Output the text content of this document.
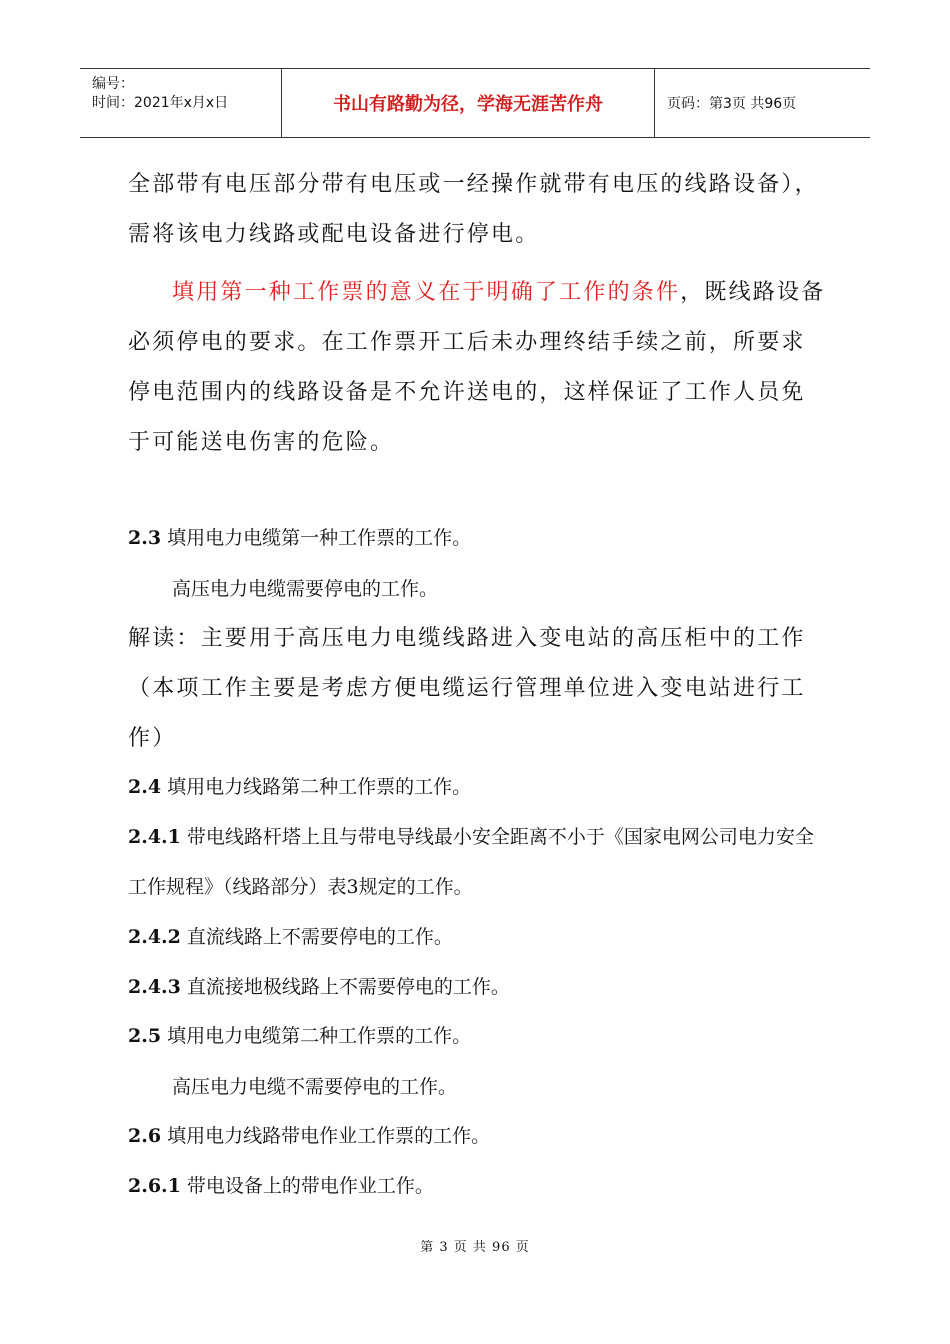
编号：
时间：2021年x月x日	书山有路勤为径，学海无涯苦作舟	页码：第3页 共96页
全部带有电压部分带有电压或一经操作就带有电压的线路设备），需将该电力线路或配电设备进行停电。
填用第一种工作票的意义在于明确了工作的条件，既线路设备必须停电的要求。在工作票开工后未办理终结手续之前，所要求停电范围内的线路设备是不允许送电的，这样保证了工作人员免于可能送电伤害的危险。
2.3 填用电力电缆第一种工作票的工作。
高压电力电缆需要停电的工作。
解读：主要用于高压电力电缆线路进入变电站的高压柜中的工作（本项工作主要是考虑方便电缆运行管理单位进入变电站进行工作）
2.4 填用电力线路第二种工作票的工作。
2.4.1 带电线路杆塔上且与带电导线最小安全距离不小于《国家电网公司电力安全工作规程》（线路部分）表3规定的工作。
2.4.2 直流线路上不需要停电的工作。
2.4.3 直流接地极线路上不需要停电的工作。
2.5 填用电力电缆第二种工作票的工作。
高压电力电缆不需要停电的工作。
2.6 填用电力线路带电作业工作票的工作。
2.6.1 带电设备上的带电作业工作。
第 3 页 共 96 页
